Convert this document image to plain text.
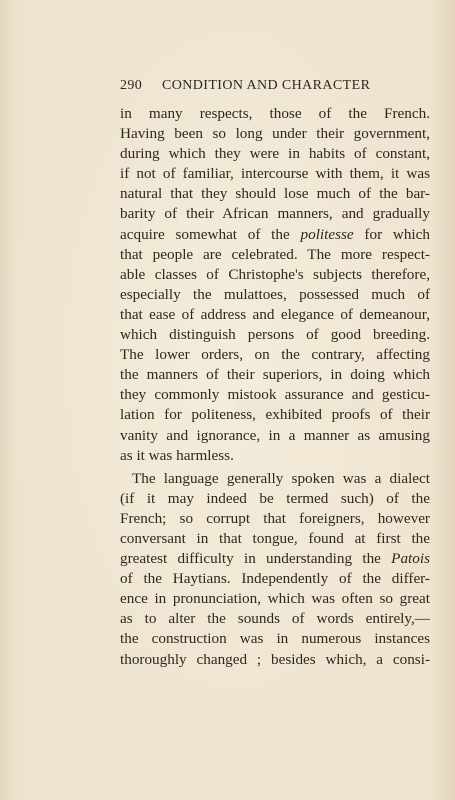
290 CONDITION AND CHARACTER
in many respects, those of the French.
Having been so long under their government,
during which they were in habits of constant,
if not of familiar, intercourse with them, it was
natural that they should lose much of the bar-
barity of their African manners, and gradually
acquire somewhat of the politesse for which
that people are celebrated. The more respect-
able classes of Christophe's subjects therefore,
especially the mulattoes, possessed much of
that ease of address and elegance of demeanour,
which distinguish persons of good breeding.
The lower orders, on the contrary, affecting
the manners of their superiors, in doing which
they commonly mistook assurance and gesticu-
lation for politeness, exhibited proofs of their
vanity and ignorance, in a manner as amusing
as it was harmless.
The language generally spoken was a dialect
(if it may indeed be termed such) of the
French; so corrupt that foreigners, however
conversant in that tongue, found at first the
greatest difficulty in understanding the Patois
of the Haytians. Independently of the differ-
ence in pronunciation, which was often so great
as to alter the sounds of words entirely,—
the construction was in numerous instances
thoroughly changed ; besides which, a consi-
